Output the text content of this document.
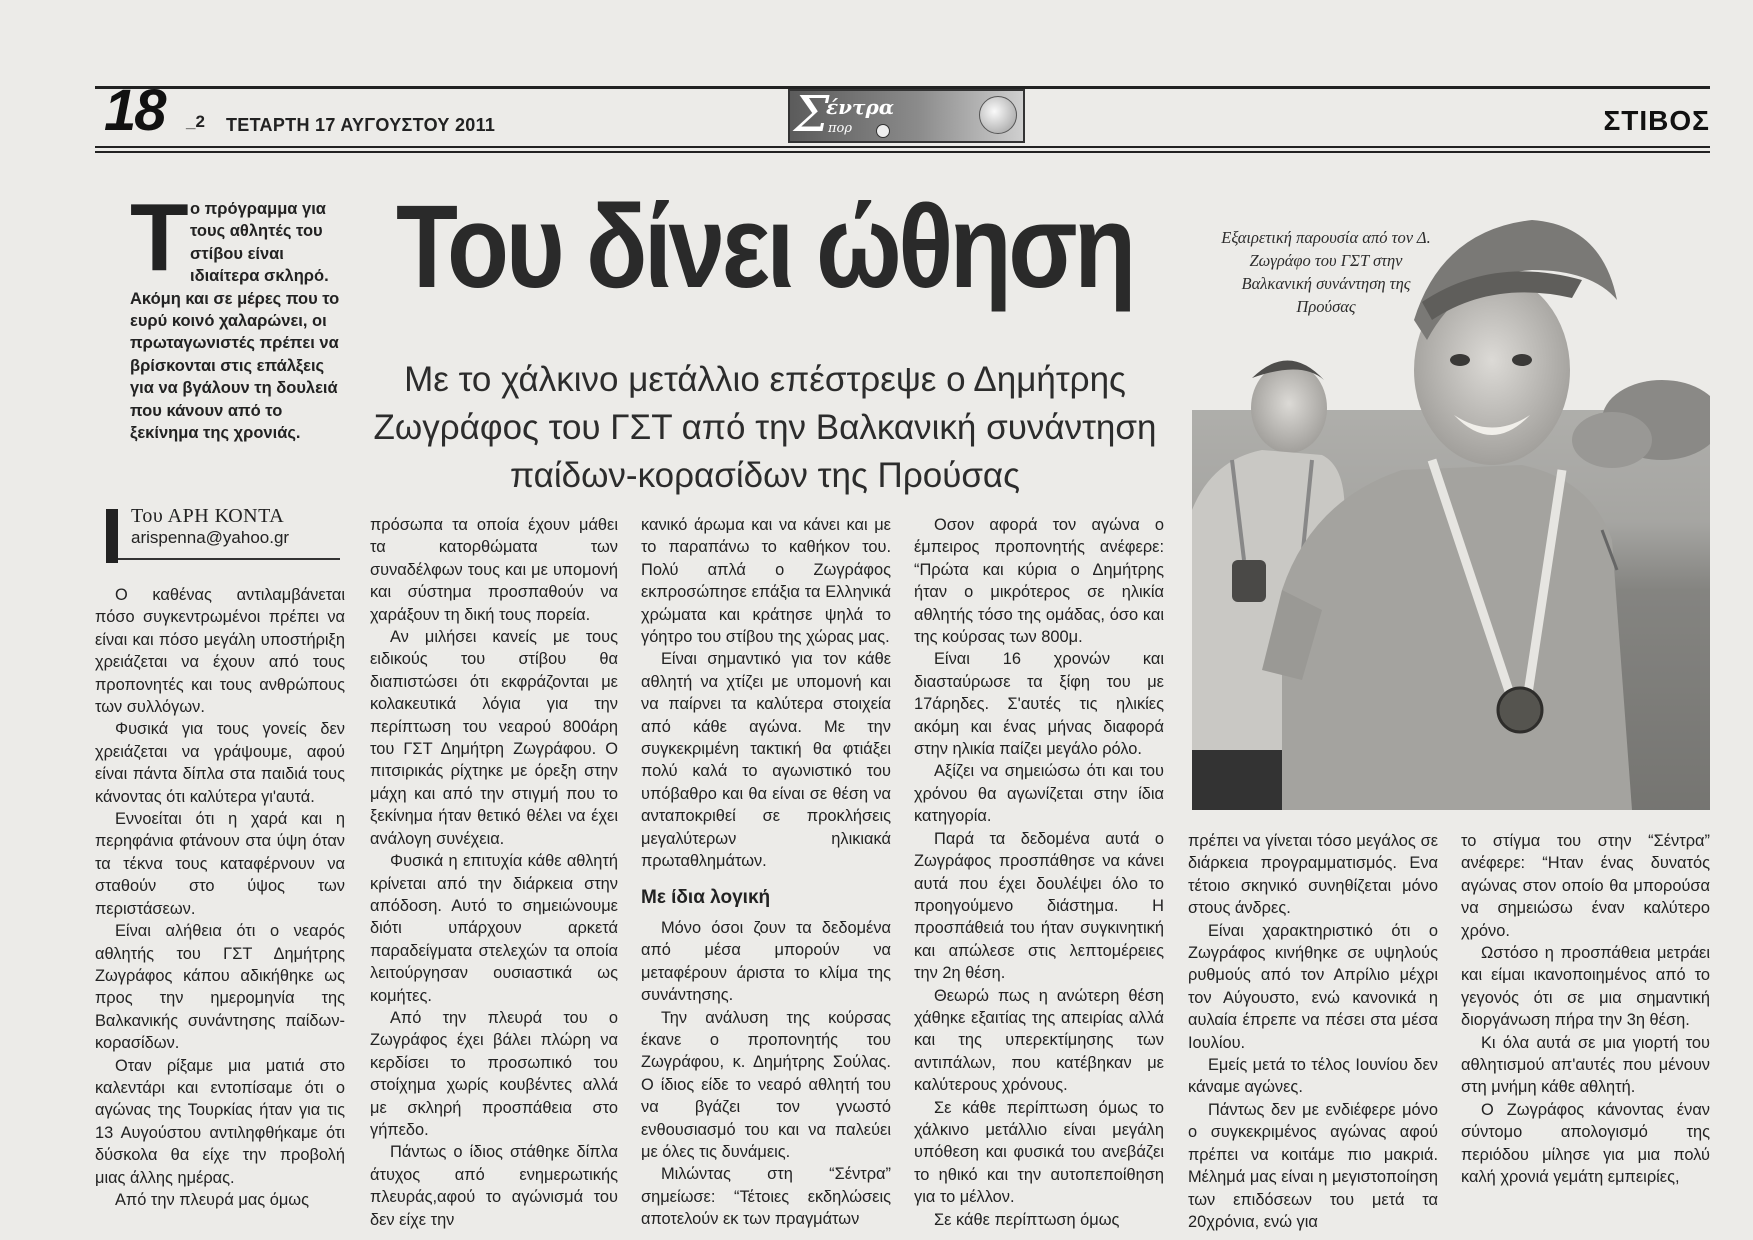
18 _2 ΤΕΤΑΡΤΗ 17 ΑΥΓΟΥΣΤΟΥ 2011	Σ
έντρα
πορ	ΣΤΙΒΟΣ
Τ ο πρόγραμμα για τους αθλητές του στίβου είναι ιδιαίτερα σκληρό. Ακόμη και σε μέρες που το ευρύ κοινό χαλαρώνει, οι πρωταγωνιστές πρέπει να βρίσκονται στις επάλξεις για να βγάλουν τη δουλειά που κάνουν από το ξεκίνημα της χρονιάς.
Του ΑΡΗ ΚΟΝΤΑ
arispenna@yahoo.gr
Του δίνει ώθηση
Με το χάλκινο μετάλλιο επέστρεψε ο Δημήτρης Ζωγράφος του ΓΣΤ από την Βαλκανική συνάντηση παίδων-κορασίδων της Προύσας
Εξαιρετική παρουσία από τον Δ. Ζωγράφο του ΓΣΤ στην Βαλκανική συνάντηση της Προύσας

Ο καθένας αντιλαμβάνεται πόσο συγκεντρωμένοι πρέπει να είναι και πόσο μεγάλη υποστήριξη χρειάζεται να έχουν από τους προπονητές και τους ανθρώπους των συλλόγων.

Φυσικά για τους γονείς δεν χρειάζεται να γράψουμε, αφού είναι πάντα δίπλα στα παιδιά τους κάνοντας ότι καλύτερα γι'αυτά.

Εννοείται ότι η χαρά και η περηφάνια φτάνουν στα ύψη όταν τα τέκνα τους καταφέρνουν να σταθούν στο ύψος των περιστάσεων.

Είναι αλήθεια ότι ο νεαρός αθλητής του ΓΣΤ Δημήτρης Ζωγράφος κάπου αδικήθηκε ως προς την ημερομηνία της Βαλκανικής συνάντησης παίδων-κορασίδων.

Οταν ρίξαμε μια ματιά στο καλεντάρι και εντοπίσαμε ότι ο αγώνας της Τουρκίας ήταν για τις 13 Αυγούστου αντιληφθήκαμε ότι δύσκολα θα είχε την προβολή μιας άλλης ημέρας.

Από την πλευρά μας όμως

πρόσωπα τα οποία έχουν μάθει τα κατορθώματα των συναδέλφων τους και με υπομονή και σύστημα προσπαθούν να χαράξουν τη δική τους πορεία.

Αν μιλήσει κανείς με τους ειδικούς του στίβου θα διαπιστώσει ότι εκφράζονται με κολακευτικά λόγια για την περίπτωση του νεαρού 800άρη του ΓΣΤ Δημήτρη Ζωγράφου. Ο πιτσιρικάς ρίχτηκε με όρεξη στην μάχη και από την στιγμή που το ξεκίνημα ήταν θετικό θέλει να έχει ανάλογη συνέχεια.

Φυσικά η επιτυχία κάθε αθλητή κρίνεται από την διάρκεια στην απόδοση. Αυτό το σημειώνουμε διότι υπάρχουν αρκετά παραδείγματα στελεχών τα οποία λειτούργησαν ουσιαστικά ως κομήτες.

Από την πλευρά του ο Ζωγράφος έχει βάλει πλώρη να κερδίσει το προσωπικό του στοίχημα χωρίς κουβέντες αλλά με σκληρή προσπάθεια στο γήπεδο.

Πάντως ο ίδιος στάθηκε δίπλα άτυχος από ενημερωτικής πλευράς,αφού το αγώνισμά του δεν είχε την

κανικό άρωμα και να κάνει και με το παραπάνω το καθήκον του. Πολύ απλά ο Ζωγράφος εκπροσώπησε επάξια τα Ελληνικά χρώματα και κράτησε ψηλά το γόητρο του στίβου της χώρας μας.

Είναι σημαντικό για τον κάθε αθλητή να χτίζει με υπομονή και να παίρνει τα καλύτερα στοιχεία από κάθε αγώνα. Με την συγκεκριμένη τακτική θα φτιάξει πολύ καλά το αγωνιστικό του υπόβαθρο και θα είναι σε θέση να ανταποκριθεί σε προκλήσεις μεγαλύτερων ηλικιακά πρωταθλημάτων.

Με ίδια λογική

Μόνο όσοι ζουν τα δεδομένα από μέσα μπορούν να μεταφέρουν άριστα το κλίμα της συνάντησης.

Την ανάλυση της κούρσας έκανε ο προπονητής του Ζωγράφου, κ. Δημήτρης Σούλας. Ο ίδιος είδε το νεαρό αθλητή του να βγάζει τον γνωστό ενθουσιασμό του και να παλεύει με όλες τις δυνάμεις.

Μιλώντας στη “Σέντρα” σημείωσε: “Τέτοιες εκδηλώσεις αποτελούν εκ των πραγμάτων

Οσον αφορά τον αγώνα ο έμπειρος προπονητής ανέφερε: “Πρώτα και κύρια ο Δημήτρης ήταν ο μικρότερος σε ηλικία αθλητής τόσο της ομάδας, όσο και της κούρσας των 800μ.

Είναι 16 χρονών και διασταύρωσε τα ξίφη του με 17άρηδες. Σ'αυτές τις ηλικίες ακόμη και ένας μήνας διαφορά στην ηλικία παίζει μεγάλο ρόλο.

Αξίζει να σημειώσω ότι και του χρόνου θα αγωνίζεται στην ίδια κατηγορία.

Παρά τα δεδομένα αυτά ο Ζωγράφος προσπάθησε να κάνει αυτά που έχει δουλέψει όλο το προηγούμενο διάστημα. Η προσπάθειά του ήταν συγκινητική και απώλεσε στις λεπτομέρειες την 2η θέση.

Θεωρώ πως η ανώτερη θέση χάθηκε εξαιτίας της απειρίας αλλά και της υπερεκτίμησης των αντιπάλων, που κατέβηκαν με καλύτερους χρόνους.

Σε κάθε περίπτωση όμως το χάλκινο μετάλλιο είναι μεγάλη υπόθεση και φυσικά του ανεβάζει το ηθικό και την αυτοπεποίθηση για το μέλλον.

Σε κάθε περίπτωση όμως

πρέπει να γίνεται τόσο μεγάλος σε διάρκεια προγραμματισμός. Ενα τέτοιο σκηνικό συνηθίζεται μόνο στους άνδρες.

Είναι χαρακτηριστικό ότι ο Ζωγράφος κινήθηκε σε υψηλούς ρυθμούς από τον Απρίλιο μέχρι τον Αύγουστο, ενώ κανονικά η αυλαία έπρεπε να πέσει στα μέσα Ιουλίου.

Εμείς μετά το τέλος Ιουνίου δεν κάναμε αγώνες.

Πάντως δεν με ενδιέφερε μόνο ο συγκεκριμένος αγώνας αφού πρέπει να κοιτάμε πιο μακριά. Μέλημά μας είναι η μεγιστοποίηση των επιδόσεων του μετά τα 20χρόνια, ενώ για

το στίγμα του στην “Σέντρα” ανέφερε: “Ηταν ένας δυνατός αγώνας στον οποίο θα μπορούσα να σημειώσω έναν καλύτερο χρόνο.

Ωστόσο η προσπάθεια μετράει και είμαι ικανοποιημένος από το γεγονός ότι σε μια σημαντική διοργάνωση πήρα την 3η θέση.

Κι όλα αυτά σε μια γιορτή του αθλητισμού απ'αυτές που μένουν στη μνήμη κάθε αθλητή.

Ο Ζωγράφος κάνοντας έναν σύντομο απολογισμό της περιόδου μίλησε για μια πολύ καλή χρονιά γεμάτη εμπειρίες,
